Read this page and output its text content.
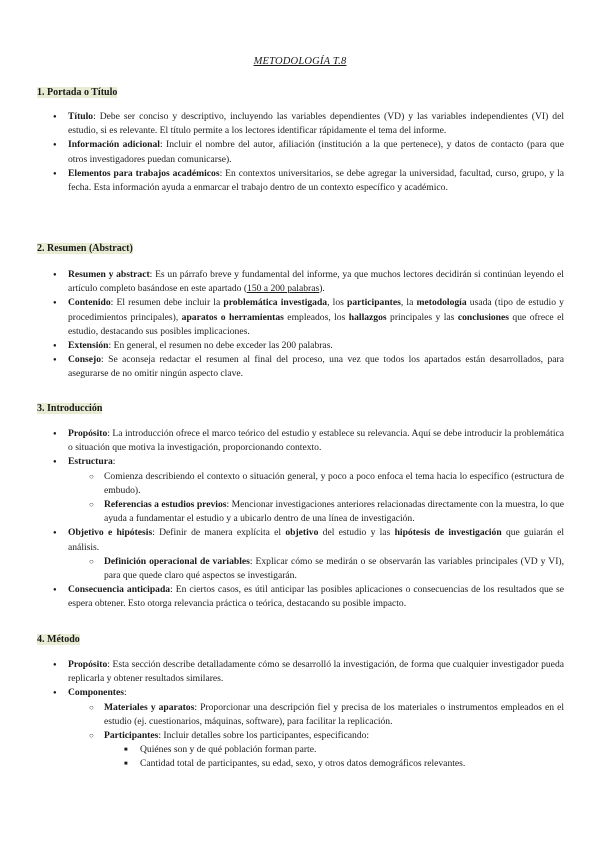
METODOLOGÍA T.8
1. Portada o Título
● Título: Debe ser conciso y descriptivo, incluyendo las variables dependientes (VD) y las variables independientes (VI) del estudio, si es relevante. El título permite a los lectores identificar rápidamente el tema del informe.
● Información adicional: Incluir el nombre del autor, afiliación (institución a la que pertenece), y datos de contacto (para que otros investigadores puedan comunicarse).
● Elementos para trabajos académicos: En contextos universitarios, se debe agregar la universidad, facultad, curso, grupo, y la fecha. Esta información ayuda a enmarcar el trabajo dentro de un contexto específico y académico.
2. Resumen (Abstract)
● Resumen y abstract: Es un párrafo breve y fundamental del informe, ya que muchos lectores decidirán si continúan leyendo el artículo completo basándose en este apartado (150 a 200 palabras).
● Contenido: El resumen debe incluir la problemática investigada, los participantes, la metodología usada (tipo de estudio y procedimientos principales), aparatos o herramientas empleados, los hallazgos principales y las conclusiones que ofrece el estudio, destacando sus posibles implicaciones.
● Extensión: En general, el resumen no debe exceder las 200 palabras.
● Consejo: Se aconseja redactar el resumen al final del proceso, una vez que todos los apartados están desarrollados, para asegurarse de no omitir ningún aspecto clave.
3. Introducción
● Propósito: La introducción ofrece el marco teórico del estudio y establece su relevancia. Aquí se debe introducir la problemática o situación que motiva la investigación, proporcionando contexto.
● Estructura:
○ Comienza describiendo el contexto o situación general, y poco a poco enfoca el tema hacia lo específico (estructura de embudo).
○ Referencias a estudios previos: Mencionar investigaciones anteriores relacionadas directamente con la muestra, lo que ayuda a fundamentar el estudio y a ubicarlo dentro de una línea de investigación.
● Objetivo e hipótesis: Definir de manera explícita el objetivo del estudio y las hipótesis de investigación que guiarán el análisis.
○ Definición operacional de variables: Explicar cómo se medirán o se observarán las variables principales (VD y VI), para que quede claro qué aspectos se investigarán.
● Consecuencia anticipada: En ciertos casos, es útil anticipar las posibles aplicaciones o consecuencias de los resultados que se espera obtener. Esto otorga relevancia práctica o teórica, destacando su posible impacto.
4. Método
● Propósito: Esta sección describe detalladamente cómo se desarrolló la investigación, de forma que cualquier investigador pueda replicarla y obtener resultados similares.
● Componentes:
○ Materiales y aparatos: Proporcionar una descripción fiel y precisa de los materiales o instrumentos empleados en el estudio (ej. cuestionarios, máquinas, software), para facilitar la replicación.
○ Participantes: Incluir detalles sobre los participantes, especificando:
■ Quiénes son y de qué población forman parte.
■ Cantidad total de participantes, su edad, sexo, y otros datos demográficos relevantes.
